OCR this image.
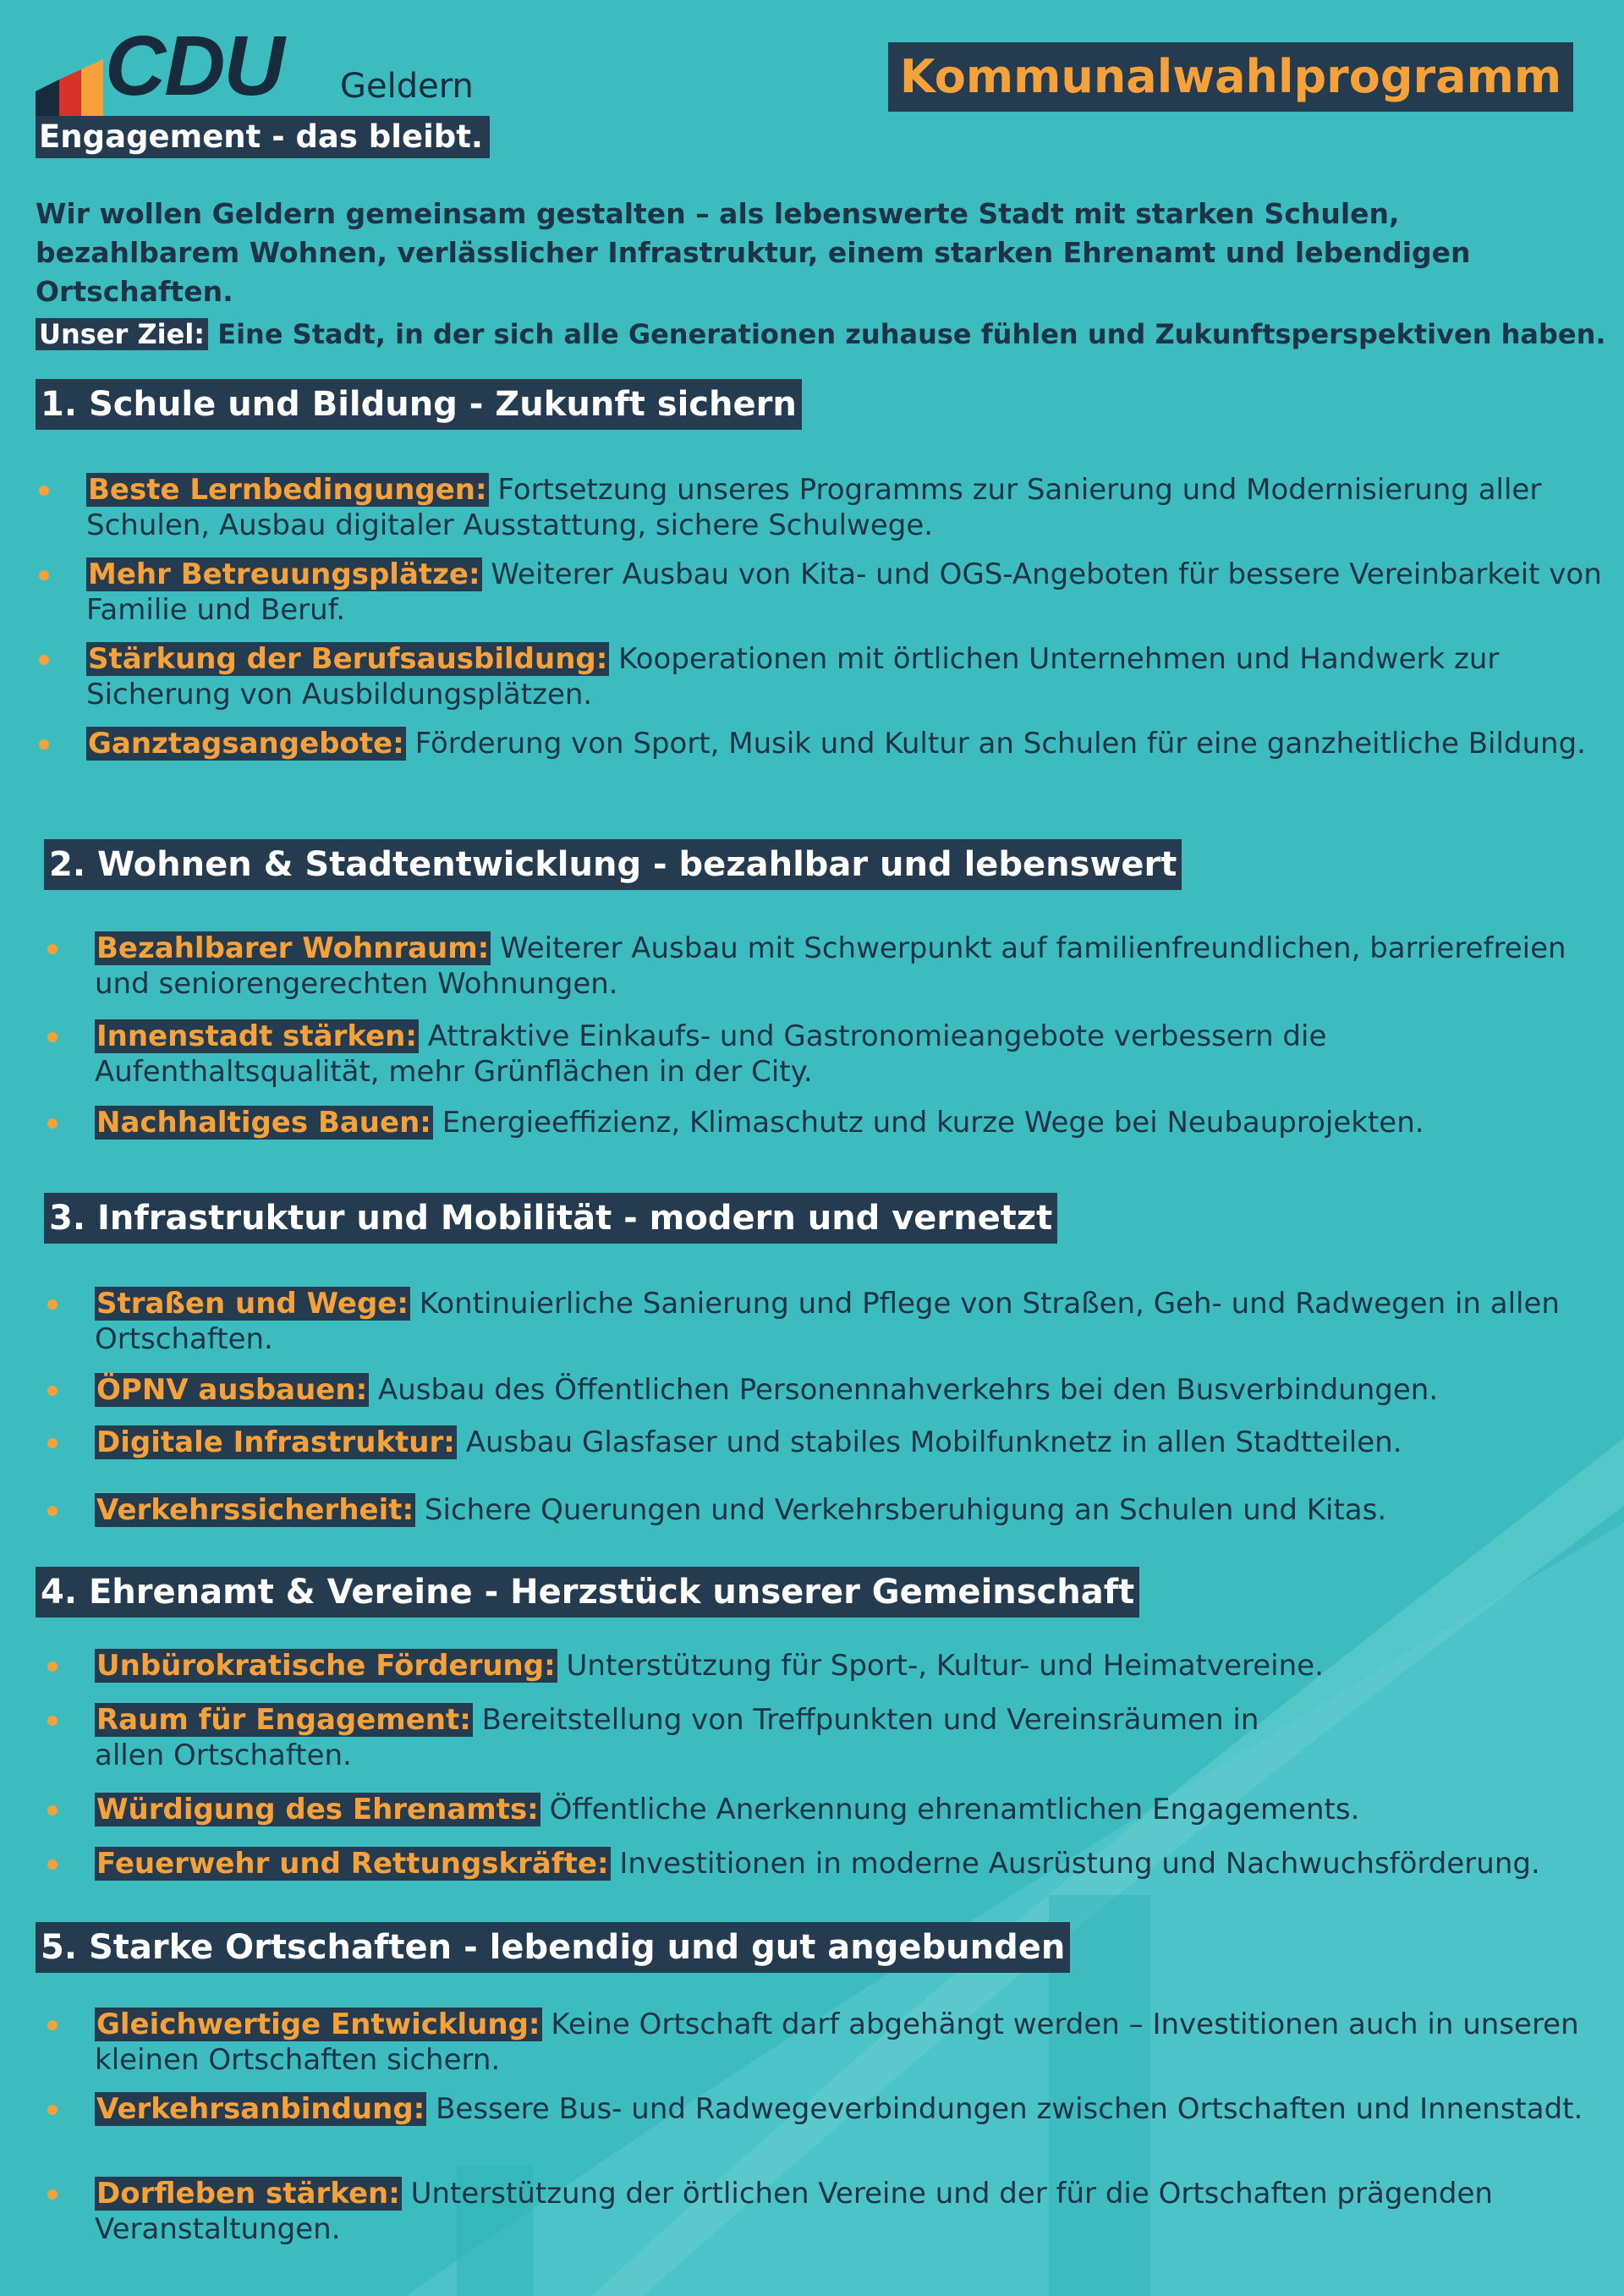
CDU Geldern
Engagement - das bleibt.
Kommunalwahlprogramm
Wir wollen Geldern gemeinsam gestalten – als lebenswerte Stadt mit starken Schulen, bezahlbarem Wohnen, verlässlicher Infrastruktur, einem starken Ehrenamt und lebendigen Ortschaften.
Unser Ziel: Eine Stadt, in der sich alle Generationen zuhause fühlen und Zukunftsperspektiven haben.
1. Schule und Bildung - Zukunft sichern
Beste Lernbedingungen: Fortsetzung unseres Programms zur Sanierung und Modernisierung aller Schulen, Ausbau digitaler Ausstattung, sichere Schulwege.
Mehr Betreuungsplätze: Weiterer Ausbau von Kita- und OGS-Angeboten für bessere Vereinbarkeit von Familie und Beruf.
Stärkung der Berufsausbildung: Kooperationen mit örtlichen Unternehmen und Handwerk zur Sicherung von Ausbildungsplätzen.
Ganztagsangebote: Förderung von Sport, Musik und Kultur an Schulen für eine ganzheitliche Bildung.
2. Wohnen & Stadtentwicklung - bezahlbar und lebenswert
Bezahlbarer Wohnraum: Weiterer Ausbau mit Schwerpunkt auf familienfreundlichen, barrierefreien und seniorengerechten Wohnungen.
Innenstadt stärken: Attraktive Einkaufs- und Gastronomieangebote verbessern die Aufenthaltsqualität, mehr Grünflächen in der City.
Nachhaltiges Bauen: Energieeffizienz, Klimaschutz und kurze Wege bei Neubauprojekten.
3. Infrastruktur und Mobilität - modern und vernetzt
Straßen und Wege: Kontinuierliche Sanierung und Pflege von Straßen, Geh- und Radwegen in allen Ortschaften.
ÖPNV ausbauen: Ausbau des Öffentlichen Personennahverkehrs bei den Busverbindungen.
Digitale Infrastruktur: Ausbau Glasfaser und stabiles Mobilfunknetz in allen Stadtteilen.
Verkehrssicherheit: Sichere Querungen und Verkehrsberuhigung an Schulen und Kitas.
4. Ehrenamt & Vereine - Herzstück unserer Gemeinschaft
Unbürokratische Förderung: Unterstützung für Sport-, Kultur- und Heimatvereine.
Raum für Engagement: Bereitstellung von Treffpunkten und Vereinsräumen in allen Ortschaften.
Würdigung des Ehrenamts: Öffentliche Anerkennung ehrenamtlichen Engagements.
Feuerwehr und Rettungskräfte: Investitionen in moderne Ausrüstung und Nachwuchsförderung.
5. Starke Ortschaften - lebendig und gut angebunden
Gleichwertige Entwicklung: Keine Ortschaft darf abgehängt werden – Investitionen auch in unseren kleinen Ortschaften sichern.
Verkehrsanbindung: Bessere Bus- und Radwegeverbindungen zwischen Ortschaften und Innenstadt.
Dorfleben stärken: Unterstützung der örtlichen Vereine und der für die Ortschaften prägenden Veranstaltungen.
